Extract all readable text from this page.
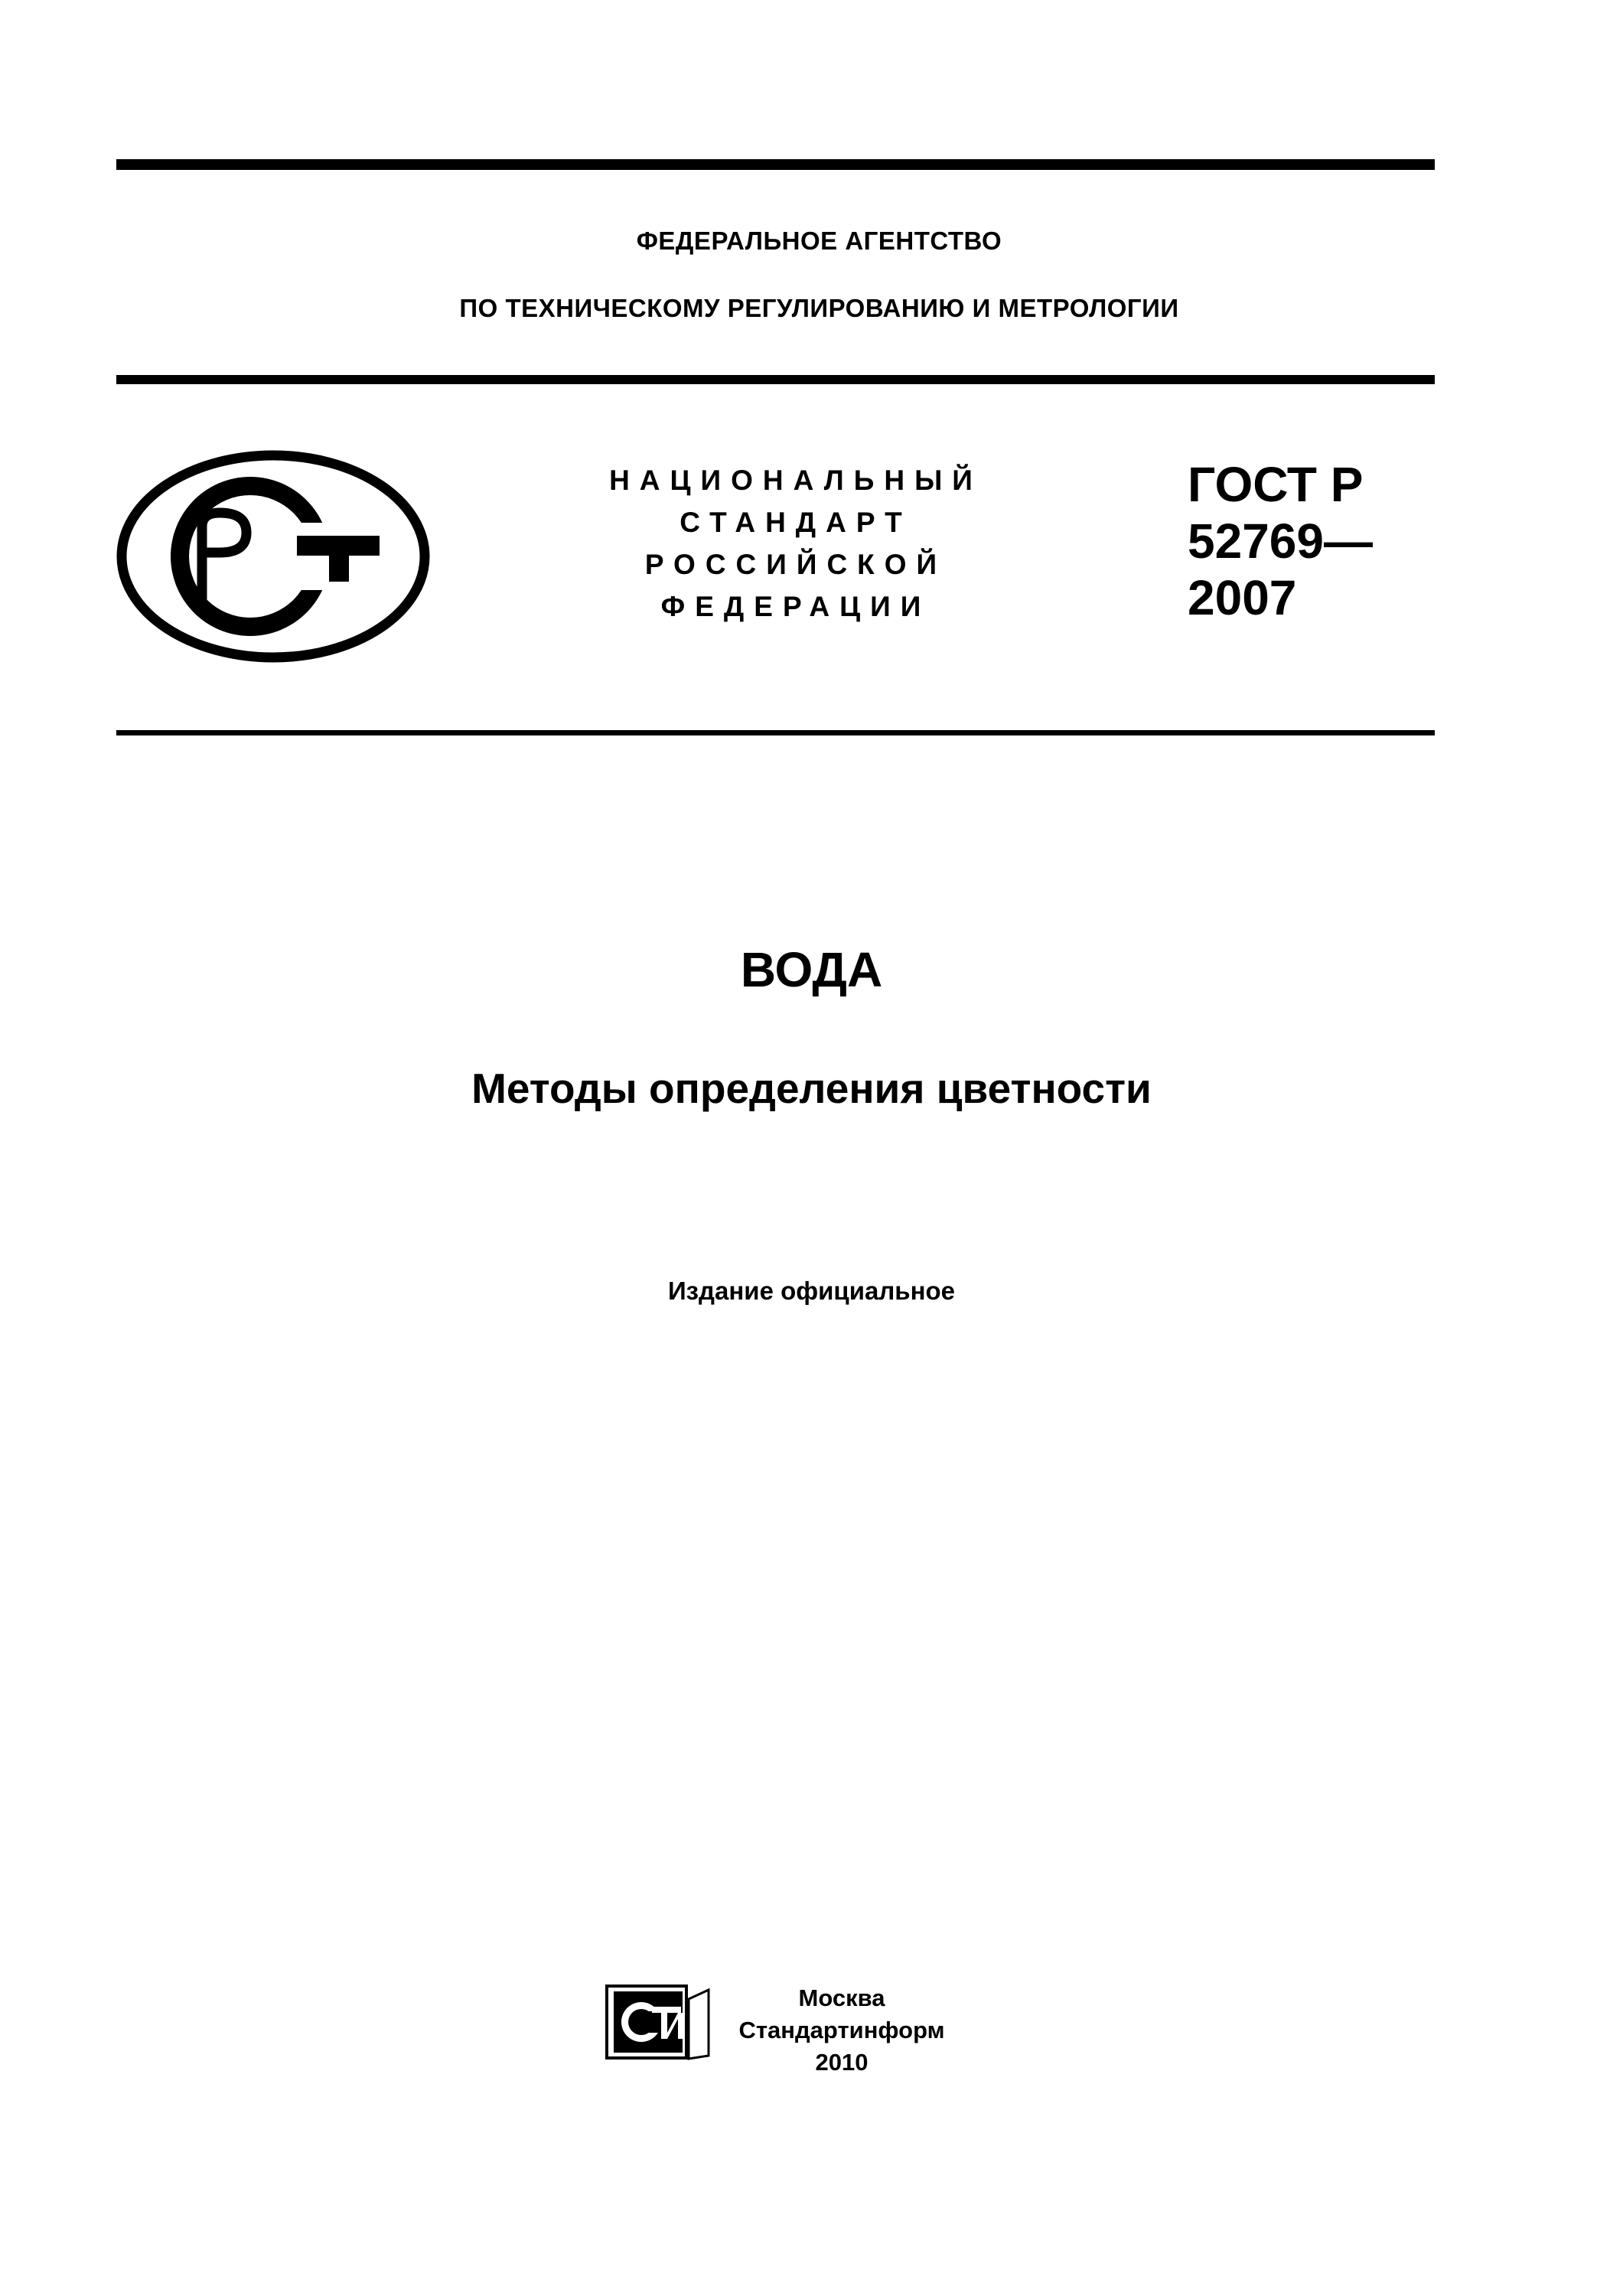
ФЕДЕРАЛЬНОЕ АГЕНТСТВО
ПО ТЕХНИЧЕСКОМУ РЕГУЛИРОВАНИЮ И МЕТРОЛОГИИ
НАЦИОНАЛЬНЫЙ
СТАНДАРТ
РОССИЙСКОЙ
ФЕДЕРАЦИИ
ГОСТ Р
52769—
2007
ВОДА
Методы определения цветности
Издание официальное
Москва
Стандартинформ
2010
